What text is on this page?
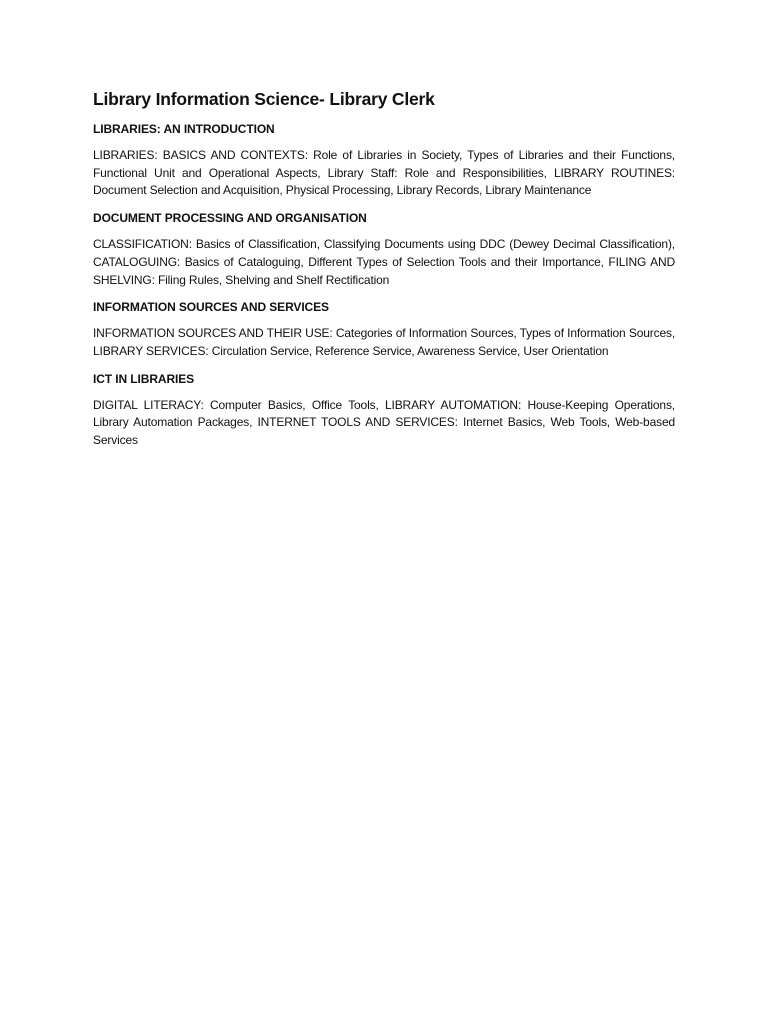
Library Information Science- Library Clerk

LIBRARIES: AN INTRODUCTION

LIBRARIES: BASICS AND CONTEXTS: Role of Libraries in Society, Types of Libraries and their Functions, Functional Unit and Operational Aspects, Library Staff: Role and Responsibilities, LIBRARY ROUTINES: Document Selection and Acquisition, Physical Processing, Library Records, Library Maintenance

DOCUMENT PROCESSING AND ORGANISATION

CLASSIFICATION: Basics of Classification, Classifying Documents using DDC (Dewey Decimal Classification), CATALOGUING: Basics of Cataloguing, Different Types of Selection Tools and their Importance, FILING AND SHELVING: Filing Rules, Shelving and Shelf Rectification

INFORMATION SOURCES AND SERVICES

INFORMATION SOURCES AND THEIR USE: Categories of Information Sources, Types of Information Sources, LIBRARY SERVICES: Circulation Service, Reference Service, Awareness Service, User Orientation

ICT IN LIBRARIES

DIGITAL LITERACY: Computer Basics, Office Tools, LIBRARY AUTOMATION: House-Keeping Operations, Library Automation Packages, INTERNET TOOLS AND SERVICES: Internet Basics, Web Tools, Web-based Services
